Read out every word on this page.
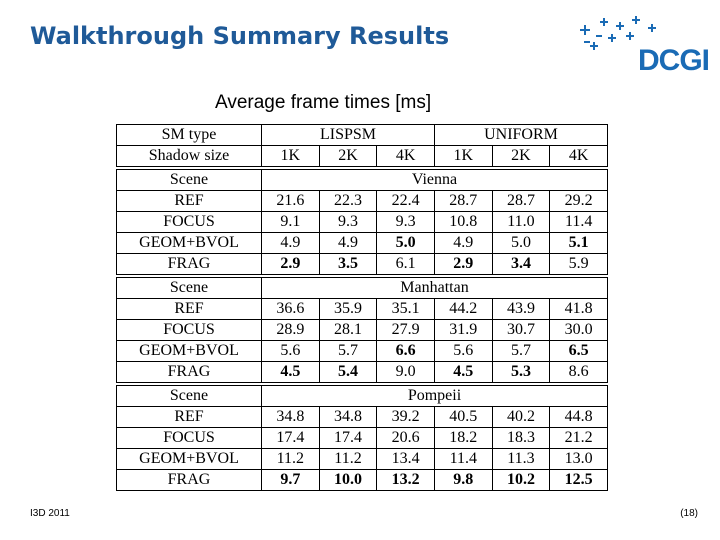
Walkthrough Summary Results
DCGI
Average frame times [ms]
SM type	LISPSM			UNIFORM		
Shadow size	1K	2K	4K	1K	2K	4K

Scene	Vienna					
REF	21.6	22.3	22.4	28.7	28.7	29.2
FOCUS	9.1	9.3	9.3	10.8	11.0	11.4
GEOM+BVOL	4.9	4.9	5.0	4.9	5.0	5.1
FRAG	2.9	3.5	6.1	2.9	3.4	5.9

Scene	Manhattan					
REF	36.6	35.9	35.1	44.2	43.9	41.8
FOCUS	28.9	28.1	27.9	31.9	30.7	30.0
GEOM+BVOL	5.6	5.7	6.6	5.6	5.7	6.5
FRAG	4.5	5.4	9.0	4.5	5.3	8.6

Scene	Pompeii					
REF	34.8	34.8	39.2	40.5	40.2	44.8
FOCUS	17.4	17.4	20.6	18.2	18.3	21.2
GEOM+BVOL	11.2	11.2	13.4	11.4	11.3	13.0
FRAG	9.7	10.0	13.2	9.8	10.2	12.5
I3D 2011	(18)
